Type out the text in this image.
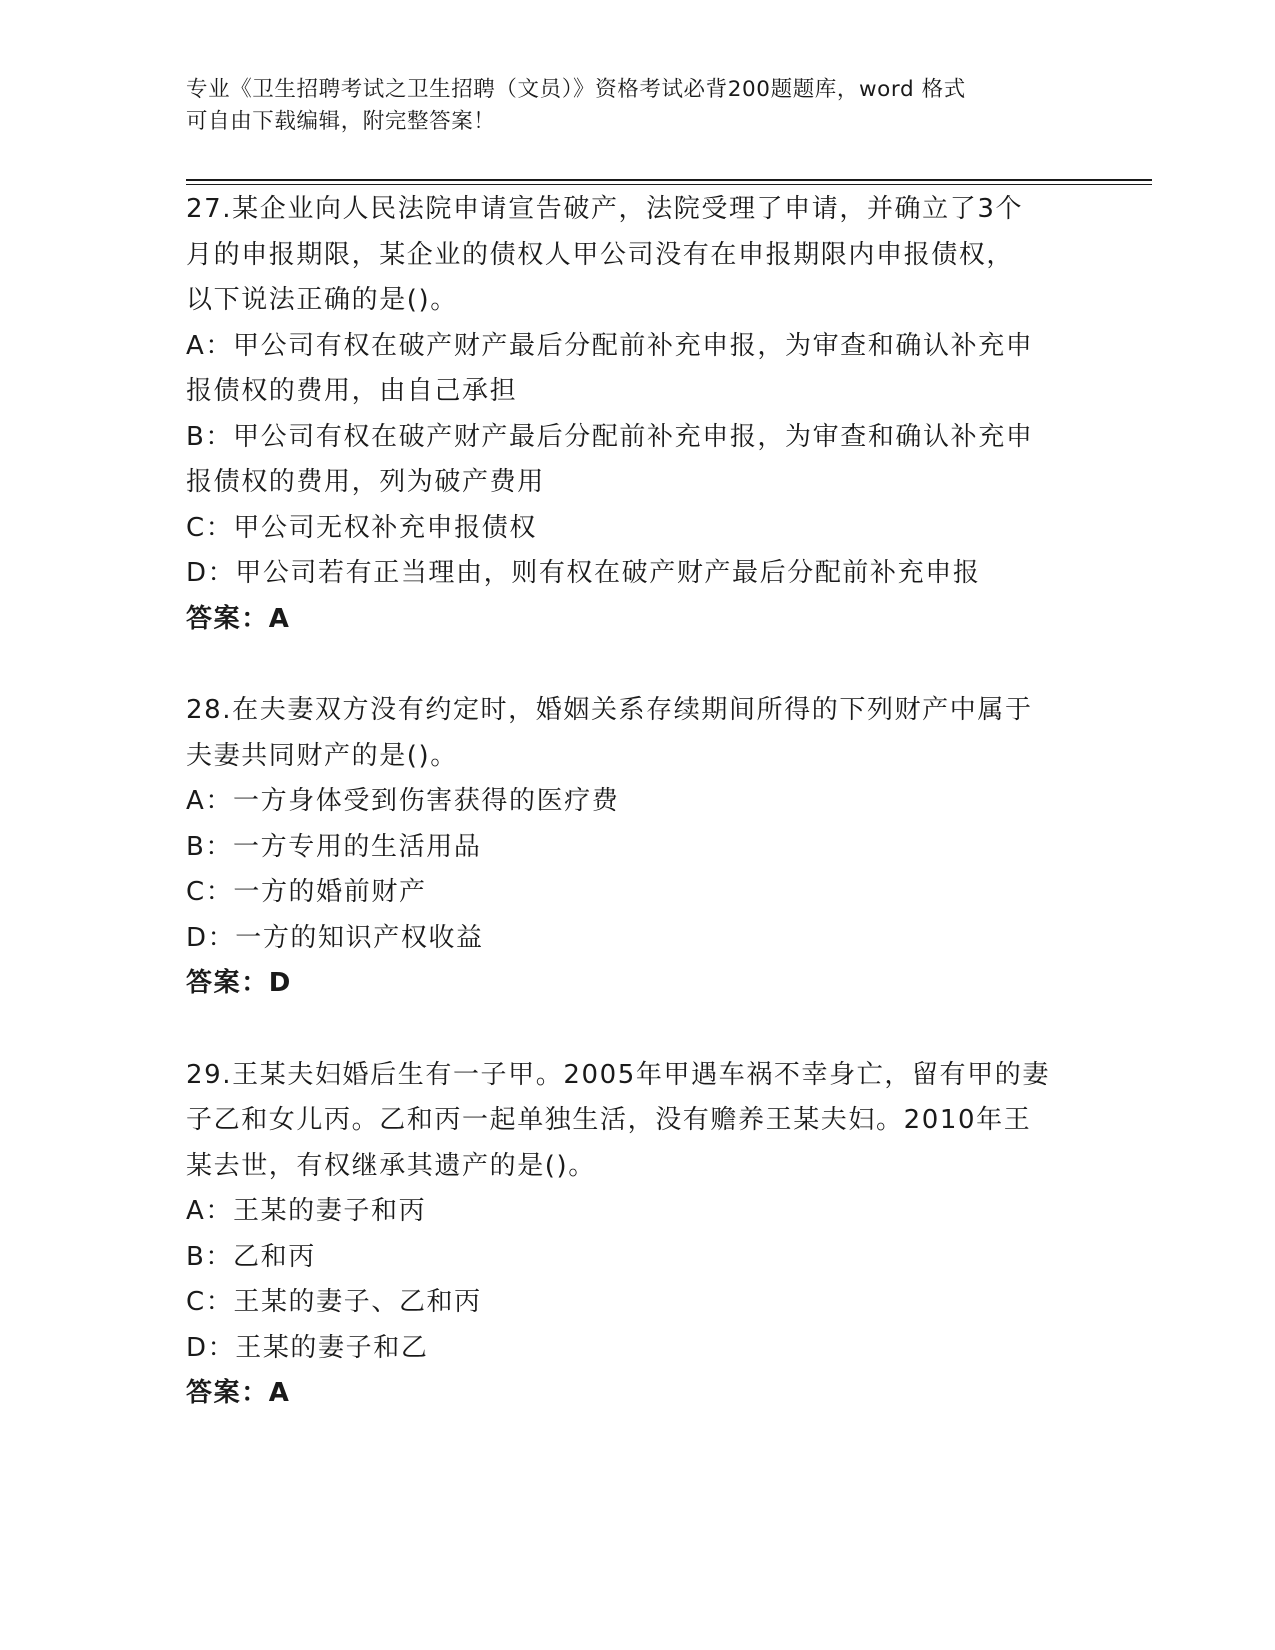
专业《卫生招聘考试之卫生招聘（文员）》资格考试必背200题题库，word 格式
可自由下载编辑，附完整答案！
27.某企业向人民法院申请宣告破产，法院受理了申请，并确立了3个
月的申报期限，某企业的债权人甲公司没有在申报期限内申报债权，
以下说法正确的是()。
A：甲公司有权在破产财产最后分配前补充申报，为审查和确认补充申
报债权的费用，由自己承担
B：甲公司有权在破产财产最后分配前补充申报，为审查和确认补充申
报债权的费用，列为破产费用
C：甲公司无权补充申报债权
D：甲公司若有正当理由，则有权在破产财产最后分配前补充申报
答案：A
28.在夫妻双方没有约定时，婚姻关系存续期间所得的下列财产中属于
夫妻共同财产的是()。
A：一方身体受到伤害获得的医疗费
B：一方专用的生活用品
C：一方的婚前财产
D：一方的知识产权收益
答案：D
29.王某夫妇婚后生有一子甲。2005年甲遇车祸不幸身亡，留有甲的妻
子乙和女儿丙。乙和丙一起单独生活，没有赡养王某夫妇。2010年王
某去世，有权继承其遗产的是()。
A：王某的妻子和丙
B：乙和丙
C：王某的妻子、乙和丙
D：王某的妻子和乙
答案：A
